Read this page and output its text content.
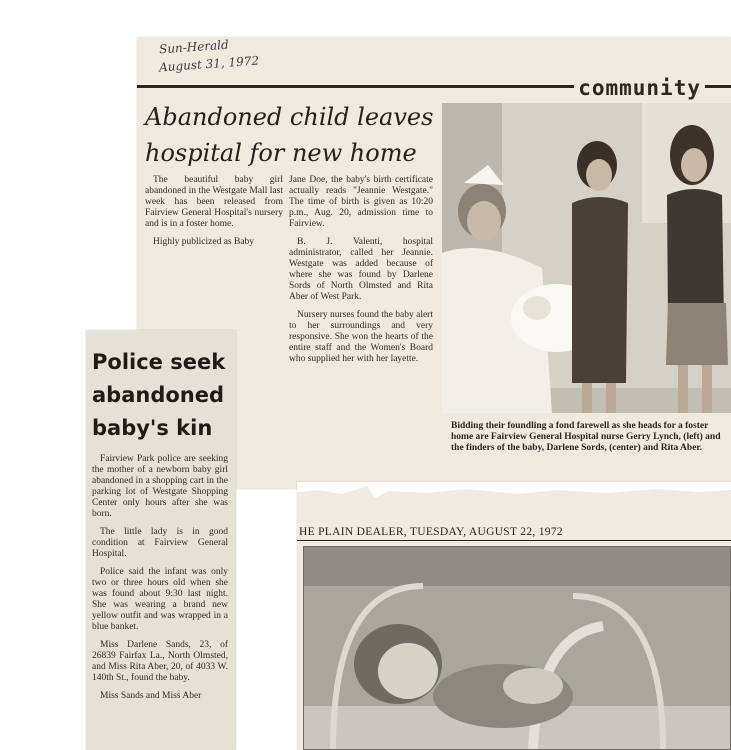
Sun-Herald
August 31, 1972
community
Abandoned child leaves hospital for new home

The beautiful baby girl abandoned in the Westgate Mall last week has been released from Fairview General Hospital's nursery and is in a foster home.

Highly publicized as Baby

Jane Doe, the baby's birth certificate actually reads "Jeannie Westgate." The time of birth is given as 10:20 p.m., Aug. 20, admission time to Fairview.

B. J. Valenti, hospital administrator, called her Jeannie. Westgate was added because of where she was found by Darlene Sords of North Olmsted and Rita Aber of West Park.

Nursery nurses found the baby alert to her surroundings and very responsive. She won the hearts of the entire staff and the Women's Board who supplied her with her layette.

Bidding their foundling a fond farewell as she heads for a foster home are Fairview General Hospital nurse Gerry Lynch, (left) and the finders of the baby, Darlene Sords, (center) and Rita Aber.
Police seek abandoned baby's kin

Fairview Park police are seeking the mother of a newborn baby girl abandoned in a shopping cart in the parking lot of Westgate Shopping Center only hours after she was born.

The little lady is in good condition at Fairview General Hospital.

Police said the infant was only two or three hours old when she was found about 9:30 last night. She was wearing a brand new yellow outfit and was wrapped in a blue banket.

Miss Darlene Sands, 23, of 26839 Fairfax La., North Olmsted, and Miss Rita Aber, 20, of 4033 W. 140th St., found the baby.

Miss Sands and Miss Aber

HE PLAIN DEALER, TUESDAY, AUGUST 22, 1972
